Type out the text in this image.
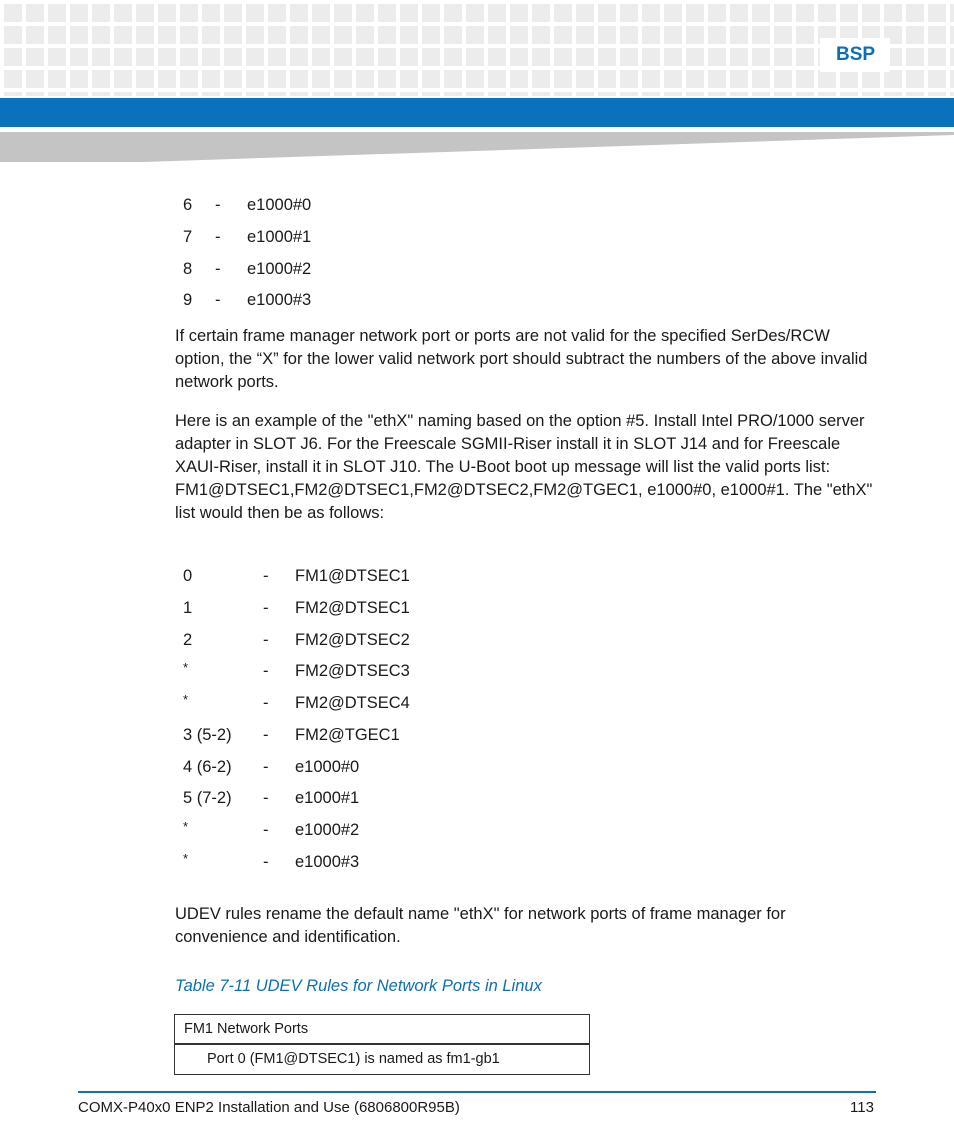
BSP
6 - e1000#0
7 - e1000#1
8 - e1000#2
9 - e1000#3

If certain frame manager network port or ports are not valid for the specified SerDes/RCW option, the “X” for the lower valid network port should subtract the numbers of the above invalid network ports.

Here is an example of the "ethX" naming based on the option #5. Install Intel PRO/1000 server adapter in SLOT J6. For the Freescale SGMII-Riser install it in SLOT J14 and for Freescale XAUI-Riser, install it in SLOT J10. The U-Boot boot up message will list the valid ports list: FM1@DTSEC1,FM2@DTSEC1,FM2@DTSEC2,FM2@TGEC1, e1000#0, e1000#1. The "ethX" list would then be as follows:

0	- FM1@DTSEC1
1	- FM2@DTSEC1
2	- FM2@DTSEC2
*	- FM2@DTSEC3
*	- FM2@DTSEC4
3 (5-2) - FM2@TGEC1
4 (6-2) - e1000#0
5 (7-2) - e1000#1
*	- e1000#2
*	- e1000#3

UDEV rules rename the default name "ethX" for network ports of frame manager for convenience and identification.

Table 7-11 UDEV Rules for Network Ports in Linux
FM1 Network Ports
Port 0 (FM1@DTSEC1) is named as fm1-gb1
COMX-P40x0 ENP2 Installation and Use (6806800R95B)	113
